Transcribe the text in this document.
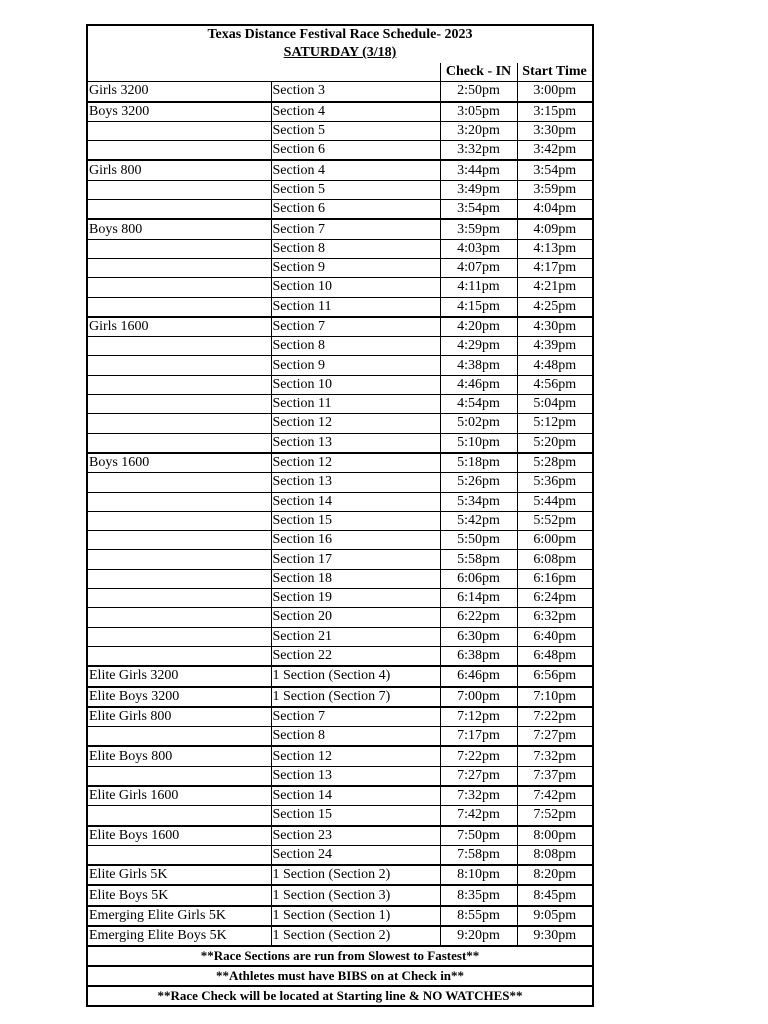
Texas Distance Festival Race Schedule- 2023
SATURDAY (3/18)
		Check - IN	Start Time
Girls 3200	Section 3	2:50pm	3:00pm
Boys 3200	Section 4	3:05pm	3:15pm
	Section 5	3:20pm	3:30pm
	Section 6	3:32pm	3:42pm
Girls 800	Section 4	3:44pm	3:54pm
	Section 5	3:49pm	3:59pm
	Section 6	3:54pm	4:04pm
Boys 800	Section 7	3:59pm	4:09pm
	Section 8	4:03pm	4:13pm
	Section 9	4:07pm	4:17pm
	Section 10	4:11pm	4:21pm
	Section 11	4:15pm	4:25pm
Girls 1600	Section 7	4:20pm	4:30pm
	Section 8	4:29pm	4:39pm
	Section 9	4:38pm	4:48pm
	Section 10	4:46pm	4:56pm
	Section 11	4:54pm	5:04pm
	Section 12	5:02pm	5:12pm
	Section 13	5:10pm	5:20pm
Boys 1600	Section 12	5:18pm	5:28pm
	Section 13	5:26pm	5:36pm
	Section 14	5:34pm	5:44pm
	Section 15	5:42pm	5:52pm
	Section 16	5:50pm	6:00pm
	Section 17	5:58pm	6:08pm
	Section 18	6:06pm	6:16pm
	Section 19	6:14pm	6:24pm
	Section 20	6:22pm	6:32pm
	Section 21	6:30pm	6:40pm
	Section 22	6:38pm	6:48pm
Elite Girls 3200	1 Section (Section 4)	6:46pm	6:56pm
Elite Boys 3200	1 Section (Section 7)	7:00pm	7:10pm
Elite Girls 800	Section 7	7:12pm	7:22pm
	Section 8	7:17pm	7:27pm
Elite Boys 800	Section 12	7:22pm	7:32pm
	Section 13	7:27pm	7:37pm
Elite Girls 1600	Section 14	7:32pm	7:42pm
	Section 15	7:42pm	7:52pm
Elite Boys 1600	Section 23	7:50pm	8:00pm
	Section 24	7:58pm	8:08pm
Elite Girls 5K	1 Section (Section 2)	8:10pm	8:20pm
Elite Boys 5K	1 Section (Section 3)	8:35pm	8:45pm
Emerging Elite Girls 5K	1 Section (Section 1)	8:55pm	9:05pm
Emerging Elite Boys 5K	1 Section (Section 2)	9:20pm	9:30pm
**Race Sections are run from Slowest to Fastest**			
**Athletes must have BIBS on at Check in**			
**Race Check will be located at Starting line & NO WATCHES**			
